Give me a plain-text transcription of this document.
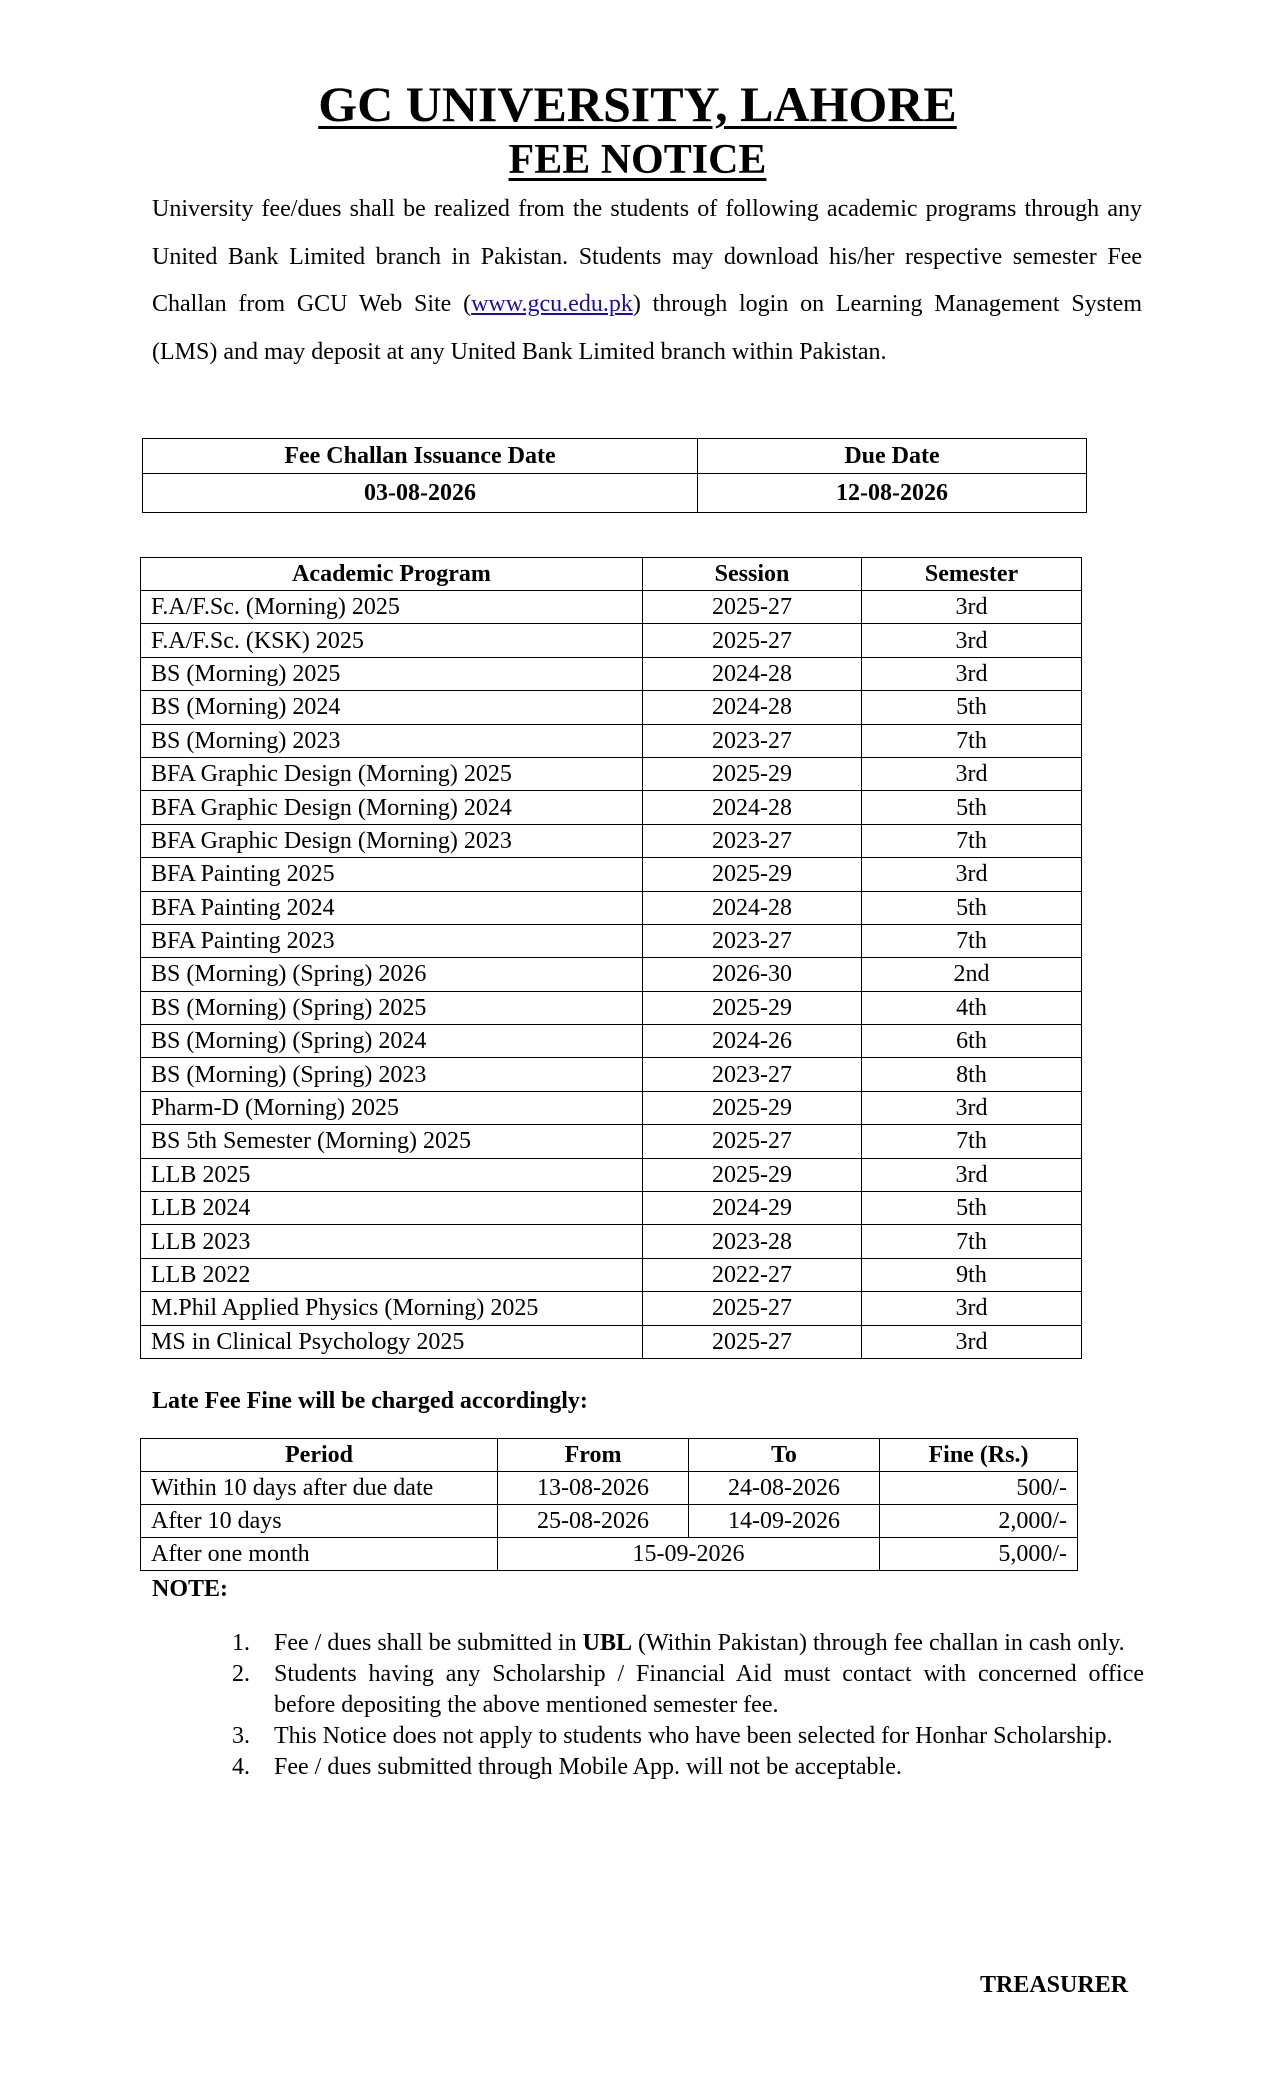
GC UNIVERSITY, LAHORE
FEE NOTICE

University fee/dues shall be realized from the students of following academic programs through any United Bank Limited branch in Pakistan. Students may download his/her respective semester Fee Challan from GCU Web Site (www.gcu.edu.pk) through login on Learning Management System (LMS) and may deposit at any United Bank Limited branch within Pakistan.

Fee Challan Issuance Date	Due Date
03-08-2026	12-08-2026
Academic Program	Session	Semester
F.A/F.Sc. (Morning) 2025	2025-27	3rd
F.A/F.Sc. (KSK) 2025	2025-27	3rd
BS (Morning) 2025	2024-28	3rd
BS (Morning) 2024	2024-28	5th
BS (Morning) 2023	2023-27	7th
BFA Graphic Design (Morning) 2025	2025-29	3rd
BFA Graphic Design (Morning) 2024	2024-28	5th
BFA Graphic Design (Morning) 2023	2023-27	7th
BFA Painting 2025	2025-29	3rd
BFA Painting 2024	2024-28	5th
BFA Painting 2023	2023-27	7th
BS (Morning) (Spring) 2026	2026-30	2nd
BS (Morning) (Spring) 2025	2025-29	4th
BS (Morning) (Spring) 2024	2024-26	6th
BS (Morning) (Spring) 2023	2023-27	8th
Pharm-D (Morning) 2025	2025-29	3rd
BS 5th Semester (Morning) 2025	2025-27	7th
LLB 2025	2025-29	3rd
LLB 2024	2024-29	5th
LLB 2023	2023-28	7th
LLB 2022	2022-27	9th
M.Phil Applied Physics (Morning) 2025	2025-27	3rd
MS in Clinical Psychology 2025	2025-27	3rd
Late Fee Fine will be charged accordingly:
Period	From	To	Fine (Rs.)
Within 10 days after due date	13-08-2026	24-08-2026	500/-
After 10 days	25-08-2026	14-09-2026	2,000/-
After one month	15-09-2026		5,000/-
NOTE:
1. Fee / dues shall be submitted in UBL (Within Pakistan) through fee challan in cash only.
2. Students having any Scholarship / Financial Aid must contact with concerned office before depositing the above mentioned semester fee.
3. This Notice does not apply to students who have been selected for Honhar Scholarship.
4. Fee / dues submitted through Mobile App. will not be acceptable.
TREASURER
